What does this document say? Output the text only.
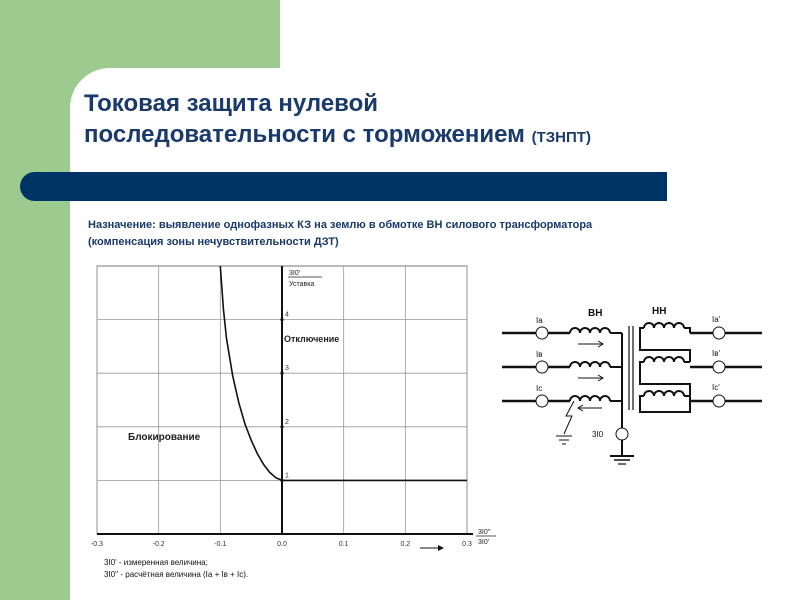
Токовая защита нулевой
последовательности с торможением (ТЗНПТ)
Назначение: выявление однофазных КЗ на землю в обмотке ВН силового трансформатора
(компенсация зоны нечувствительности ДЗТ)
-0.3	-0.2	-0.1	0.0	0.1	0.2	0.3
1
2
3
4
3I0'
Уставка
3I0''
3I0'
Отключение
Блокирование
3I0' - измеренная величина;
3I0'' - расчётная величина (Ia + Iв + Ic).
Ia
Iв
Ic
ВН
3I0
НН
Ia'
Iв'
Ic'
